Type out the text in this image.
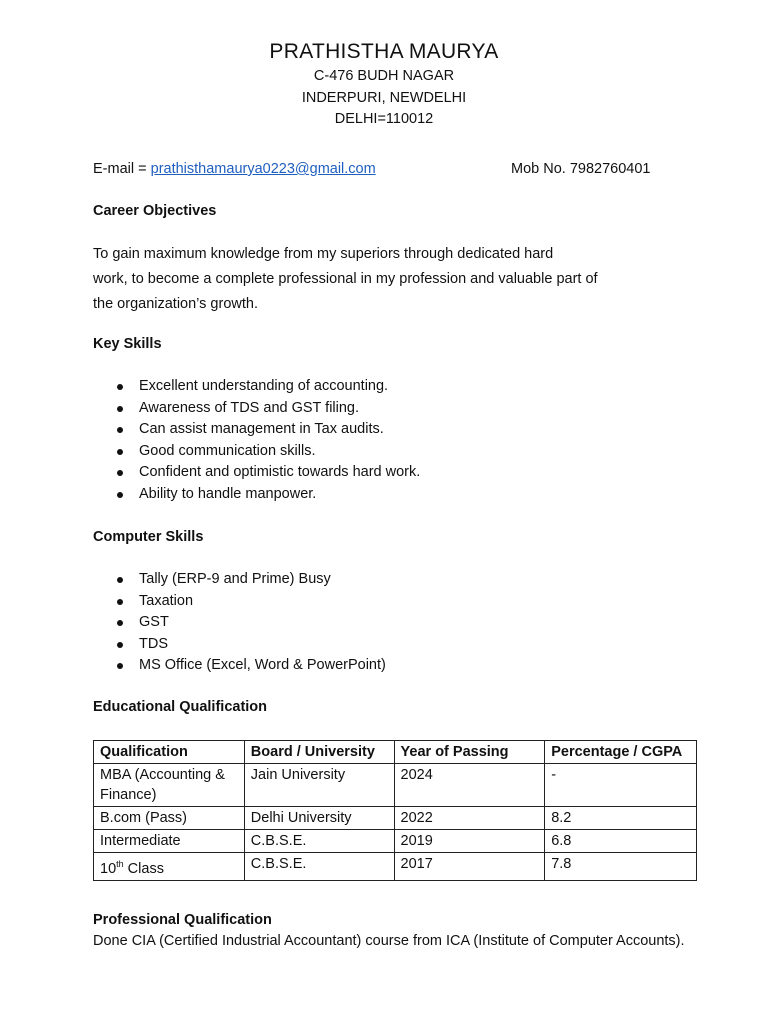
PRATHISTHA MAURYA
C-476 BUDH NAGAR
INDERPURI, NEWDELHI
DELHI=110012
E-mail = prathisthamaurya0223@gmail.com	Mob No. 7982760401
Career Objectives
To gain maximum knowledge from my superiors through dedicated hard
work, to become a complete professional in my profession and valuable part of
the organization’s growth.
Key Skills
Excellent understanding of accounting.
Awareness of TDS and GST filing.
Can assist management in Tax audits.
Good communication skills.
Confident and optimistic towards hard work.
Ability to handle manpower.
Computer Skills
Tally (ERP-9 and Prime) Busy
Taxation
GST
TDS
MS Office (Excel, Word & PowerPoint)
Educational Qualification
Qualification	Board / University	Year of Passing	Percentage / CGPA
MBA (Accounting & Finance)	Jain University	2024	-
B.com (Pass)	Delhi University	2022	8.2
Intermediate	C.B.S.E.	2019	6.8
10th Class	C.B.S.E.	2017	7.8
Professional Qualification
Done CIA (Certified Industrial Accountant) course from ICA (Institute of Computer Accounts).
